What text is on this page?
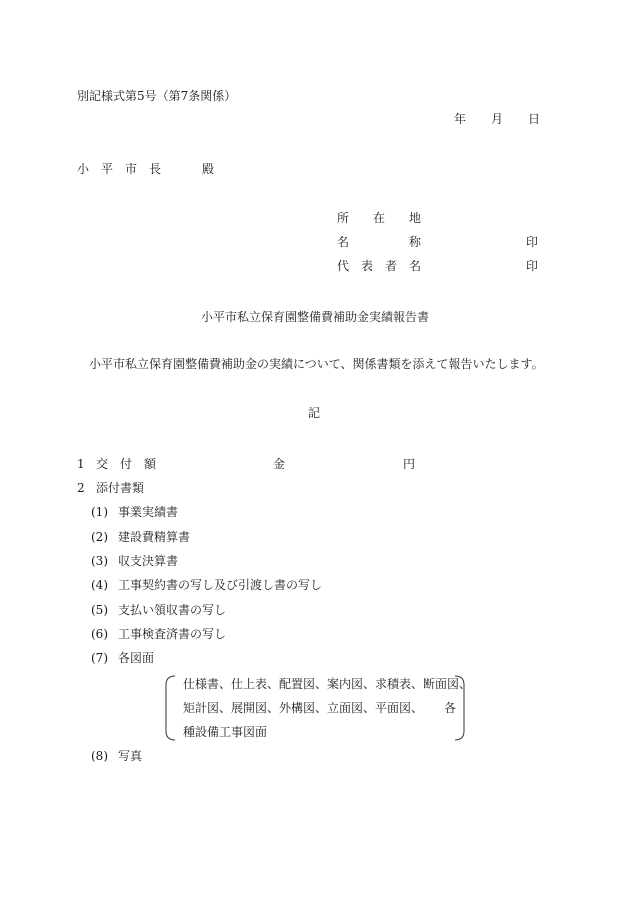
別記様式第5号（第7条関係）
年 月 日
小　平　市　長	殿
所　　在　　地
名　　　　　称	印
代　表　者　名	印
小平市私立保育園整備費補助金実績報告書
小平市私立保育園整備費補助金の実績について、関係書類を添えて報告いたします。
記
1 交　付　額	金	円
2 添付書類
(1) 事業実績書
(2) 建設費精算書
(3) 収支決算書
(4) 工事契約書の写し及び引渡し書の写し
(5) 支払い領収書の写し
(6) 工事検査済書の写し
(7) 各図面
仕様書、仕上表、配置図、案内図、求積表、断面図、
矩計図、展開図、外構図、立面図、平面図、 各
種設備工事図面
(8) 写真
